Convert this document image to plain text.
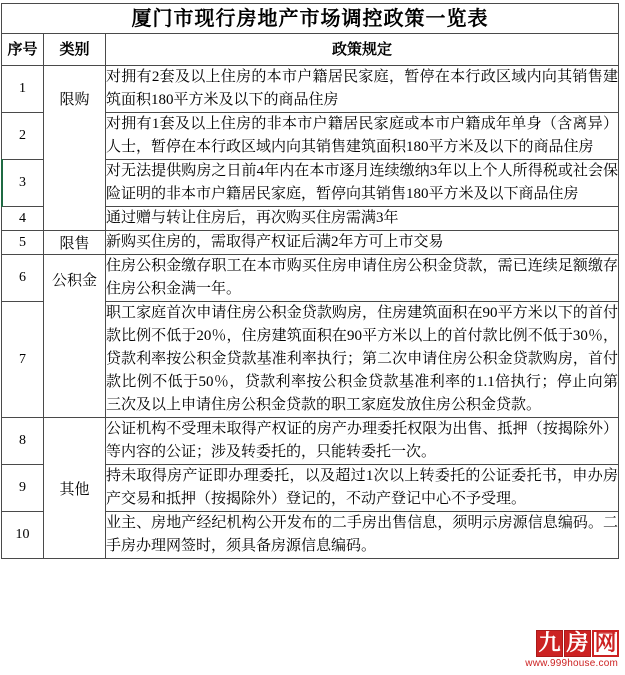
厦门市现行房地产市场调控政策一览表		
序号	类别	政策规定
1	限购	对拥有2套及以上住房的本市户籍居民家庭，暂停在本行政区域内向其销售建筑面积180平方米及以下的商品住房
2		对拥有1套及以上住房的非本市户籍居民家庭或本市户籍成年单身（含离异）人士，暂停在本行政区域内向其销售建筑面积180平方米及以下的商品住房
3		对无法提供购房之日前4年内在本市逐月连续缴纳3年以上个人所得税或社会保险证明的非本市户籍居民家庭，暂停向其销售180平方米及以下商品住房
4		通过赠与转让住房后，再次购买住房需满3年
5	限售	新购买住房的，需取得产权证后满2年方可上市交易
6	公积金	住房公积金缴存职工在本市购买住房申请住房公积金贷款，需已连续足额缴存住房公积金满一年。
7		职工家庭首次申请住房公积金贷款购房，住房建筑面积在90平方米以下的首付款比例不低于20％，住房建筑面积在90平方米以上的首付款比例不低于30％，贷款利率按公积金贷款基准利率执行；第二次申请住房公积金贷款购房，首付款比例不低于50％，贷款利率按公积金贷款基准利率的1.1倍执行；停止向第三次及以上申请住房公积金贷款的职工家庭发放住房公积金贷款。
8	其他	公证机构不受理未取得产权证的房产办理委托权限为出售、抵押（按揭除外）等内容的公证；涉及转委托的，只能转委托一次。
9		持未取得房产证即办理委托，以及超过1次以上转委托的公证委托书，申办房产交易和抵押（按揭除外）登记的，不动产登记中心不予受理。
10		业主、房地产经纪机构公开发布的二手房出售信息，须明示房源信息编码。二手房办理网签时，须具备房源信息编码。
九 房 网
www.999house.com
